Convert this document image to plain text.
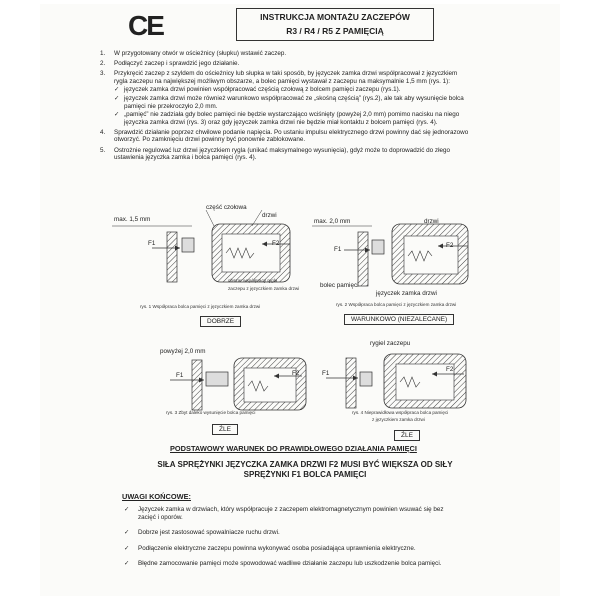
CE	INSTRUKCJA MONTAŻU ZACZEPÓW
R3 / R4 / R5 Z PAMIĘCIĄ
1. W przygotowany otwór w ościeżnicy (słupku) wstawić zaczep.
2. Podłączyć zaczep i sprawdzić jego działanie.
3. Przykręcić zaczep z szyldem do ościeżnicy lub słupka w taki sposób, by języczek zamka drzwi współpracował z języczkiem rygla zaczepu na największej możliwym obszarze, a bolec pamięci wystawał z zaczepu na maksymalnie 1,5 mm (rys. 1):
✓ języczek zamka drzwi powinien współpracować częścią czołową z bolcem pamięci zaczepu (rys.1).
✓ języczek zamka drzwi może również warunkowo współpracować ze „skośną częścią” (rys.2), ale tak aby wysunięcie bolca pamięci nie przekroczyło 2,0 mm.
✓ „pamięć” nie zadziała gdy bolec pamięci nie będzie wystarczająco wciśnięty (powyżej 2,0 mm) pomimo nacisku na niego języczka zamka drzwi (rys. 3) oraz gdy języczek zamka drzwi nie będzie miał kontaktu z bolcem pamięci (rys. 4).
4. Sprawdzić działanie poprzez chwilowe podanie napięcia. Po ustaniu impulsu elektrycznego drzwi powinny dać się jednorazowo otworzyć. Po zamknięciu drzwi powinny być ponownie zablokowane.
5. Ostrożnie regulować luz drzwi języczkiem rygla (unikać maksymalnego wysunięcia), gdyż może to doprowadzić do złego ustawienia języczka zamka i bolca pamięci (rys. 4).
max. 1,5 mm
część czołowa
drzwi
F1	F2
obszar współpracy rygla
zaczepu z języczkiem zamka drzwi
rys. 1 Współpraca bolca pamięci z języczkiem zamka drzwi
DOBRZE
max. 2,0 mm	drzwi
F1
F2
bolec pamięci
języczek zamka drzwi
rys. 2 Współpraca bolca pamięci z języczkiem zamka drzwi
WARUNKOWO (NIEZALECANE)
powyżej 2,0 mm
F1	F2
rys. 3 Zbyt daleko wysunięcie bolca pamięci
ŹLE
rygiel zaczepu
F1
F2
rys. 4 Nieprawidłowa współpraca bolca pamięci
z języczkiem zamka drzwi
ŹLE
PODSTAWOWY WARUNEK DO PRAWIDŁOWEGO DZIAŁANIA PAMIĘCI
SIŁA SPRĘŻYNKI JĘZYCZKA ZAMKA DRZWI F2 MUSI BYĆ WIĘKSZA OD SIŁY
SPRĘŻYNKI F1 BOLCA PAMIĘCI
UWAGI KOŃCOWE:
✓ Języczek zamka w drzwiach, który współpracuje z zaczepem elektromagnetycznym powinien wsuwać się bez zacięć i oporów.
✓ Dobrze jest zastosować spowalniacze ruchu drzwi.
✓ Podłączenie elektryczne zaczepu powinna wykonywać osoba posiadająca uprawnienia elektryczne.
✓ Błędne zamocowanie pamięci może spowodować wadliwe działanie zaczepu lub uszkodzenie bolca pamięci.
